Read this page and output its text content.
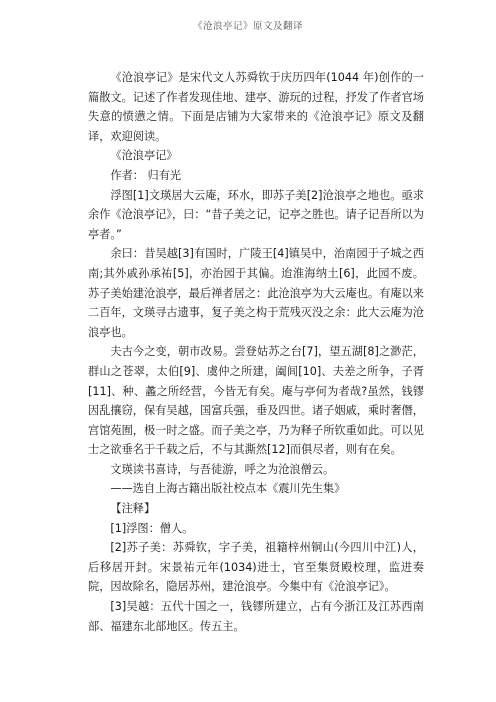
《沧浪亭记》原文及翻译

《沧浪亭记》是宋代文人苏舜钦于庆历四年(1044 年)创作的一篇散文。记述了作者发现佳地、建亭、游玩的过程，抒发了作者官场失意的愤懑之情。下面是店铺为大家带来的《沧浪亭记》原文及翻译，欢迎阅读。

《沧浪亭记》

作者： 归有光

浮图[1]文瑛居大云庵，环水，即苏子美[2]沧浪亭之地也。亟求余作《沧浪亭记》，曰：“昔子美之记，记亭之胜也。请子记吾所以为亭者。”

余曰：昔吴越[3]有国时，广陵王[4]镇吴中，治南园于子城之西南;其外戚孙承祐[5]，亦治园于其偏。迨淮海纳土[6]，此园不废。苏子美始建沧浪亭，最后禅者居之：此沧浪亭为大云庵也。有庵以来二百年，文瑛寻古遗事，复子美之构于荒残灭没之余：此大云庵为沧浪亭也。

夫古今之变，朝市改易。尝登姑苏之台[7]，望五湖[8]之渺茫，群山之苍翠，太伯[9]、虞仲之所建，阖闾[10]、夫差之所争，子胥[11]、种、蠡之所经营，今皆无有矣。庵与亭何为者哉?虽然，钱镠因乱攘窃，保有吴越，国富兵强，垂及四世。诸子姻戚，乘时奢僭，宫馆苑囿，极一时之盛。而子美之亭，乃为释子所钦重如此。可以见士之欲垂名于千载之后，不与其澌然[12]而俱尽者，则有在矣。

文瑛读书喜诗，与吾徒游，呼之为沧浪僧云。

——选自上海古籍出版社校点本《震川先生集》

【注释】

[1]浮图：僧人。

[2]苏子美：苏舜钦，字子美，祖籍梓州铜山(今四川中江)人，后移居开封。宋景祐元年(1034)进士，官至集贤殿校理，监进奏院，因故除名，隐居苏州，建沧浪亭。今集中有《沧浪亭记》。

[3]吴越：五代十国之一，钱镠所建立，占有今浙江及江苏西南部、福建东北部地区。传五主。
